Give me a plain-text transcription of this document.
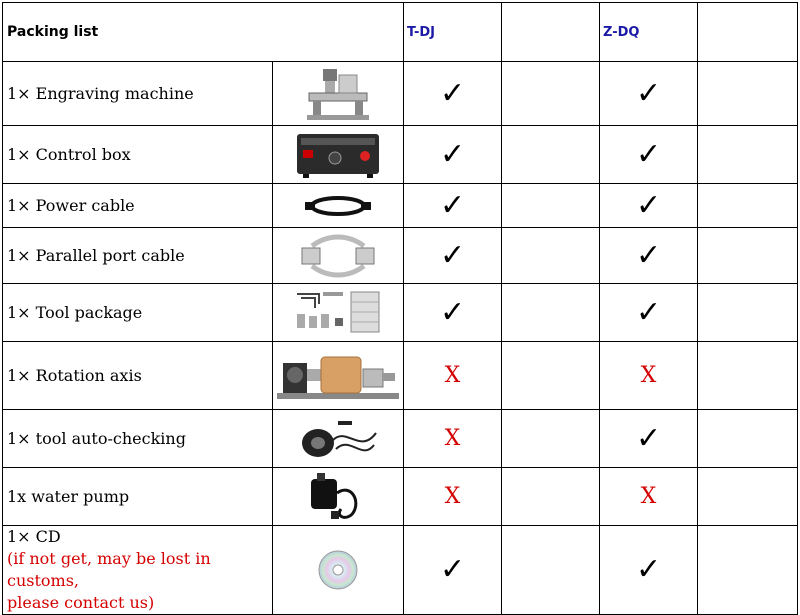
Packing list		T-DJ		Z-DQ	
1× Engraving machine		✓		✓	
1× Control box		✓		✓	
1× Power cable		✓		✓	
1× Parallel port cable		✓		✓	
1× Tool package		✓		✓	
1× Rotation axis		X		X	
1× tool auto-checking		X		✓	
1x water pump		X		X	
1× CD
(if not get, may be lost in customs,
please contact us)		✓		✓	
